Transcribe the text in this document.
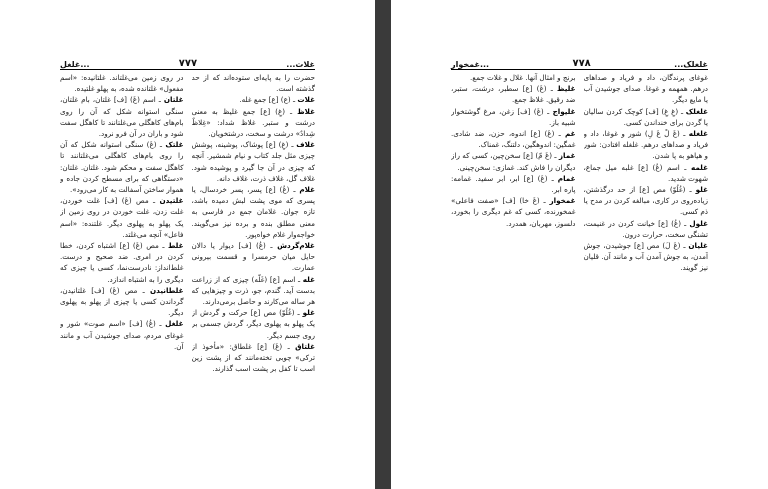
غلات...
۷۷۷
...غلغل

حضرت را به پایه‌ای ستوده‌اند که از حد گذشته است.

غلات ـ (ع) [ع] جمع غله.

غلاظ ـ (غِ) [ع] جمع غلیظ به معنی درشت و ستبر. غلاظ شداد: «غِلاظٌ شِدادٌ» درشت و سخت، درشتخویان.

غلاف ـ (غِ) [ع] پوشاک، پوشینه، پوشش چیزی مثل جلد کتاب و نیام شمشیر. آنچه که چیزی در آن جا گیرد و پوشیده شود. غلاف گل، غلاف ذرت، غلاف دانه.

غلام ـ (غُ) [ع] پسر، پسر خردسال، یا پسری که موی پشت لبش دمیده باشد، تازه جوان. غلامان جمع در فارسی به معنی مطلق بنده و برده نیز می‌گویند. خواجه‌وار غلام خواه‌پور.

غلام‌گردش ـ (غُ) [ف] دیوار یا دالان حایل میان حرمسرا و قسمت بیرونی عمارت.

غله ـ اسم [ع] (غَلّه) چیزی که از زراعت بدست آید. گندم، جو، ذرت و چیزهایی که هر ساله می‌کارند و حاصل برمی‌دارند.

غلو ـ (غُلُوّ) مص [ع] حرکت و گردش از یک پهلو به پهلوی دیگر، گردش جسمی بر روی جسم دیگر.

غلتاق ـ (غَ) [ع] غلطاق: «مأخوذ از ترکی» چوبی تخته‌مانند که از پشت زین اسب تا کفل بر پشت اسب گذارند.

در روی زمین می‌غلتاند. غلتانیده: «اسم مفعول» غلتانده شده، به پهلو غلتیده.

غلتان ـ اسم (غَ) [ف] غلتان، بام غلتان، سنگی استوانه شکل که آن را روی بام‌های کاهگلی می‌غلتانند تا کاهگل سفت شود و باران در آن فرو نرود.

غلتک ـ (غَ) سنگی استوانه شکل که آن را روی بام‌های کاهگلی می‌غلتانند تا کاهگل سفت و محکم شود. غلتان. غلتان: «دستگاهی که برای مسطح کردن جاده و هموار ساختن آسفالت به کار می‌رود».

غلتیدن ـ مص (غَ) [ف] غلت خوردن، غلت زدن، غلت خوردن در روی زمین از یک پهلو به پهلوی دیگر. غلتنده: «اسم فاعل» آنچه می‌غلتد.

غلط ـ مص (غَ) [ع] اشتباه کردن، خطا کردن در امری. ضد صحیح و درست. غلط‌انداز: نادرست‌نما، کسی یا چیزی که دیگری را به اشتباه اندازد.

غلطانیدن ـ مص (غَ) [ف] غلتانیدن، گرداندن کسی یا چیزی از پهلو به پهلوی دیگر.

غلغل ـ (غُ) [ف] «اسم صوت» شور و غوغای مردم، صدای جوشیدن آب و مانند آن.

غلغلک...
۷۷۸
...غمخوار

غوغای پرندگان، داد و فریاد و صداهای درهم. همهمه و غوغا. صدای جوشیدن آب یا مایع دیگر.

غلغلک ـ (غِ غِ) [ف] کوچک کردن سالیان یا گردن برای خنداندن کسی.

غلغله ـ (غَ لْ غَ لِ) شور و غوغا، داد و فریاد و صداهای درهم. غلغله افتادن: شور و هیاهو به پا شدن.

غلمه ـ اسم (غُ) [ع] غلبه میل جماع، شهوت شدید.

غلو ـ (غُلُوّ) مص [ع] از حد درگذشتن، زیاده‌روی در کاری، مبالغه کردن در مدح یا ذم کسی.

غلول ـ (غُ) [ع] خیانت کردن در غنیمت، تشنگی سخت، حرارت درون.

غلیان ـ (غَ لَ) مص [ع] جوشیدن، جوش آمدن، به جوش آمدن آب و مانند آن. قلیان نیز گویند.

برنج و امثال آنها. غلال و غلات جمع.

غلیظ ـ (غَ) [ع] سطبر، درشت، ستبر، ضد رقیق. غلاظ جمع.

غلیواج ـ (غَ) [ف] زغن، مرغ گوشتخوار شبیه باز.

غم ـ (غَ) [ع] اندوه، حزن، ضد شادی. غمگین: اندوهگین، دلتنگ، غمناک.

غماز ـ (غَ مّ) [ع] سخن‌چین، کسی که راز دیگران را فاش کند. غمازی: سخن‌چینی.

غمام ـ (غَ) [ع] ابر، ابر سفید. غمامه: پاره ابر.

غمخوار ـ (غَ خا) [ف] «صفت فاعلی» غمخورنده، کسی که غم دیگری را بخورد، دلسوز، مهربان، همدرد.
